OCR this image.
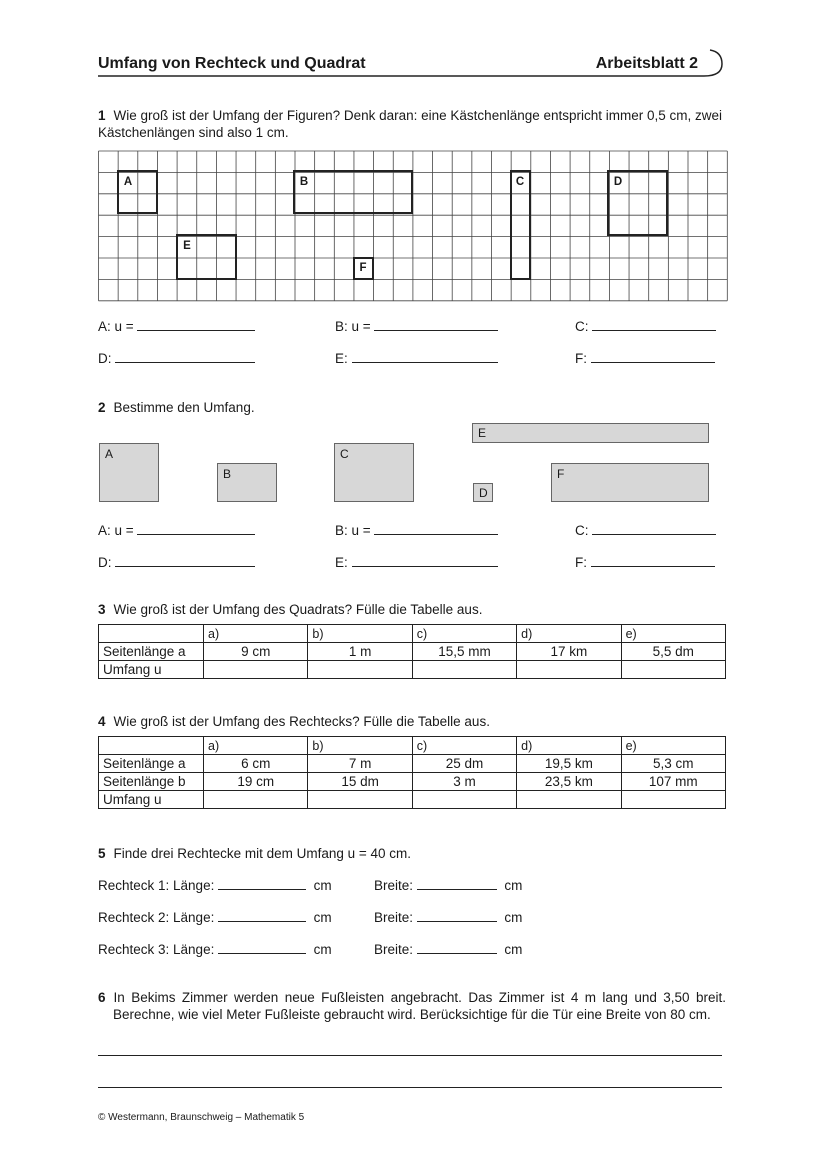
Umfang von Rechteck und Quadrat	Arbeitsblatt 2
1 Wie groß ist der Umfang der Figuren? Denk daran: eine Kästchenlänge entspricht immer 0,5 cm, zwei Kästchenlängen sind also 1 cm.
A	B	C	D
E
F
A: u =	B: u =	C:
D:	E:	F:
2 Bestimme den Umfang.
A
B
C
D
E
F
A: u =	B: u =	C:
D:	E:	F:
3 Wie groß ist der Umfang des Quadrats? Fülle die Tabelle aus.
	a)	b)	c)	d)	e)
Seitenlänge a	9 cm	1 m	15,5 mm	17 km	5,5 dm
Umfang u					
4 Wie groß ist der Umfang des Rechtecks? Fülle die Tabelle aus.
	a)	b)	c)	d)	e)
Seitenlänge a	6 cm	7 m	25 dm	19,5 km	5,3 cm
Seitenlänge b	19 cm	15 dm	3 m	23,5 km	107 mm
Umfang u					
5 Finde drei Rechtecke mit dem Umfang u = 40 cm.
Rechteck 1: Länge:	cm	Breite:	cm
Rechteck 2: Länge:	cm	Breite:	cm
Rechteck 3: Länge:	cm	Breite:	cm
6 In Bekims Zimmer werden neue Fußleisten angebracht. Das Zimmer ist 4 m lang und 3,50 breit. Berechne, wie viel Meter Fußleiste gebraucht wird. Berücksichtige für die Tür eine Breite von 80 cm.
© Westermann, Braunschweig – Mathematik 5
